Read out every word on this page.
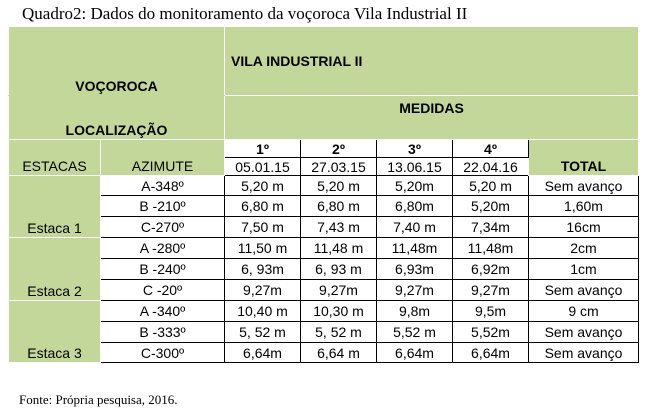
Quadro2: Dados do monitoramento da voçoroca Vila Industrial II
VOÇOROCA		VILA INDUSTRIAL II				
LOCALIZAÇÃO		MEDIDAS				
ESTACAS	AZIMUTE	1º	2º	3º	4º	TOTAL
		05.01.15	27.03.15	13.06.15	22.04.16	
Estaca 1	A-348º	5,20 m	5,20 m	5,20m	5,20 m	Sem avanço
	B -210º	6,80 m	6,80 m	6,80m	5,20m	1,60m
	C-270º	7,50 m	7,43 m	7,40 m	7,34m	16cm
Estaca 2	A -280º	11,50 m	11,48 m	11,48m	11,48m	2cm
	B -240º	6, 93m	6, 93 m	6,93m	6,92m	1cm
	C -20º	9,27m	9,27m	9,27m	9,27m	Sem avanço
Estaca 3	A -340º	10,40 m	10,30 m	9,8m	9,5m	9 cm
	B -333º	5, 52 m	5, 52 m	5,52 m	5,52m	Sem avanço
	C-300º	6,64m	6,64 m	6,64m	6,64m	Sem avanço
Fonte: Própria pesquisa, 2016.
